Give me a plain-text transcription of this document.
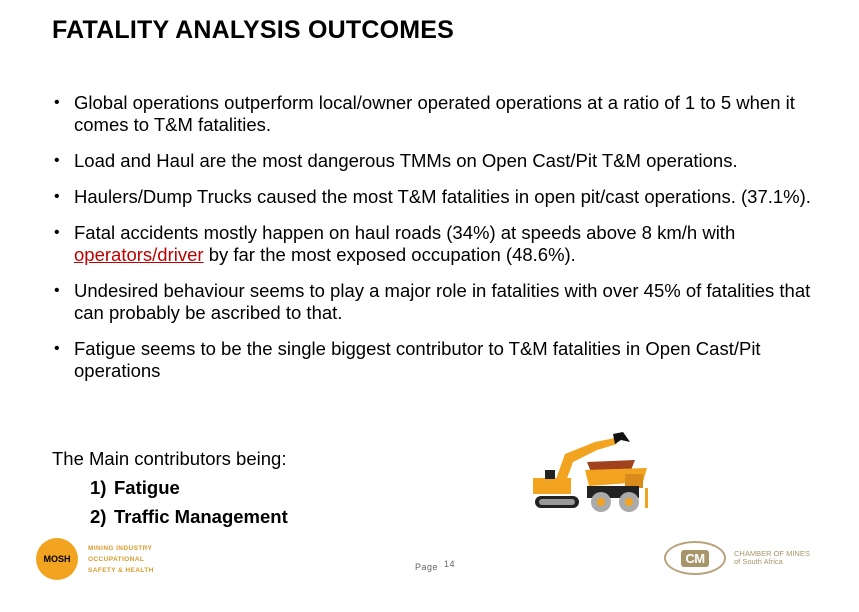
FATALITY ANALYSIS OUTCOMES
• Global operations outperform local/owner operated operations at a ratio of 1 to 5 when it comes to T&M fatalities.
• Load and Haul are the most dangerous TMMs on Open Cast/Pit T&M operations.
• Haulers/Dump Trucks caused the most T&M fatalities in open pit/cast operations. (37.1%).
• Fatal accidents mostly happen on haul roads (34%) at speeds above 8 km/h with operators/driver by far the most exposed occupation (48.6%).
• Undesired behaviour seems to play a major role in fatalities with over 45% of fatalities that can probably be ascribed to that.
• Fatigue seems to be the single biggest contributor to T&M fatalities in Open Cast/Pit operations
The Main contributors being:
1) Fatigue
2) Traffic Management
MOSH
MINING INDUSTRY
OCCUPATIONAL
SAFETY & HEALTH	Page 14	CM	CHAMBER OF MINES
of South Africa
